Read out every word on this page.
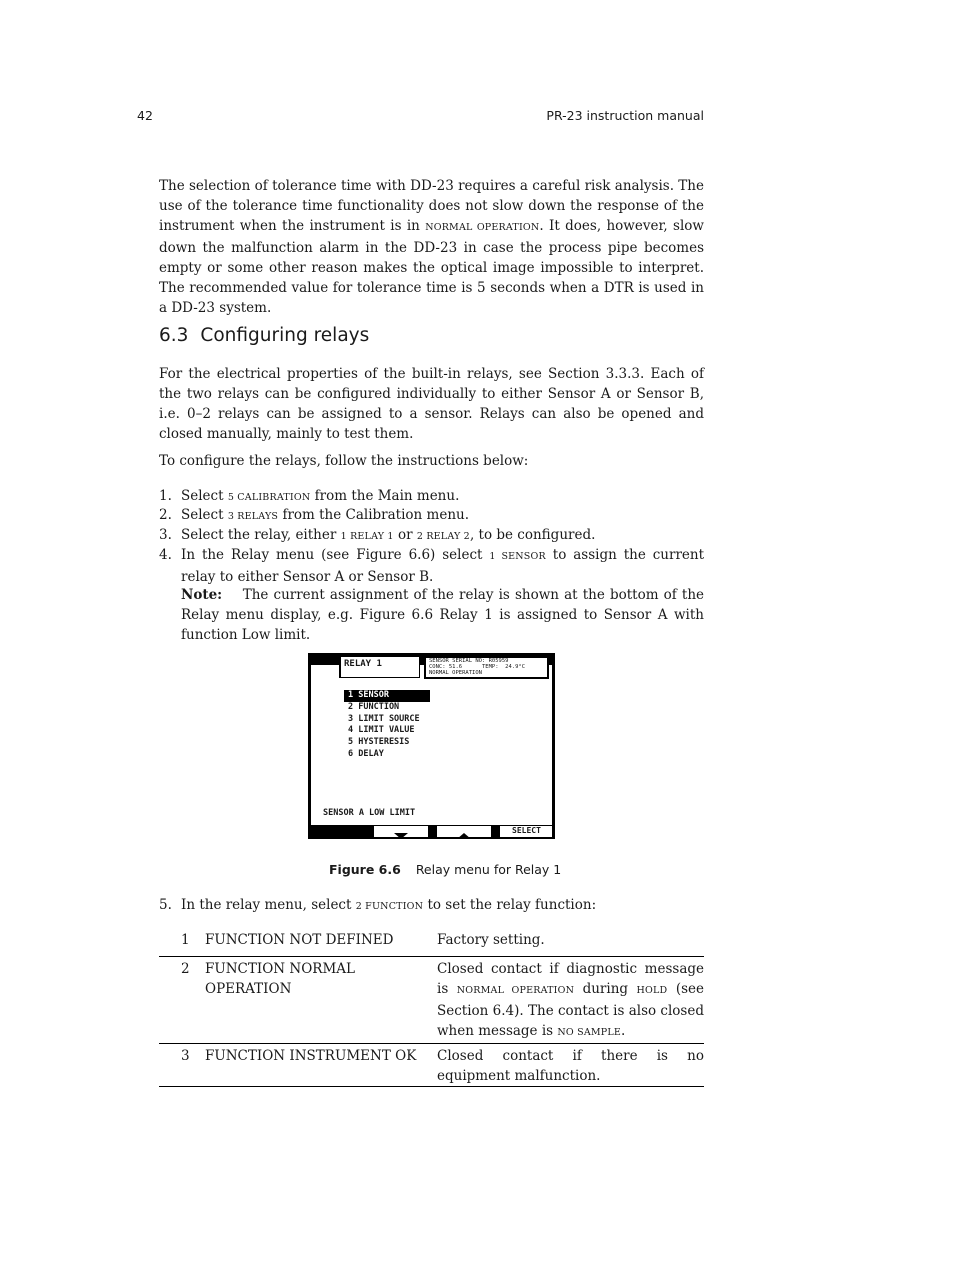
42	PR-23 instruction manual
The selection of tolerance time with DD-23 requires a careful risk analysis. The use of the tolerance time functionality does not slow down the response of the instrument when the instrument is in NORMAL OPERATION. It does, however, slow down the malfunction alarm in the DD-23 in case the process pipe becomes empty or some other reason makes the optical image impossible to interpret. The recommended value for tolerance time is 5 seconds when a DTR is used in a DD-23 system.
6.3 Configuring relays
For the electrical properties of the built-in relays, see Section 3.3.3. Each of the two relays can be configured individually to either Sensor A or Sensor B, i.e. 0–2 relays can be assigned to a sensor. Relays can also be opened and closed manually, mainly to test them.
To configure the relays, follow the instructions below:
1. Select 5 CALIBRATION from the Main menu.
2. Select 3 RELAYS from the Calibration menu.
3. Select the relay, either 1 RELAY 1 or 2 RELAY 2, to be configured.
4. In the Relay menu (see Figure 6.6) select 1 SENSOR to assign the current relay to either Sensor A or Sensor B.
Note: The current assignment of the relay is shown at the bottom of the Relay menu display, e.g. Figure 6.6 Relay 1 is assigned to Sensor A with function Low limit.
RELAY 1	SENSOR SERIAL NO: R05959
CONC: 51.6      TEMP:  24.9°C
NORMAL OPERATION
1 SENSOR
2 FUNCTION
3 LIMIT SOURCE
4 LIMIT VALUE
5 HYSTERESIS
6 DELAY
SENSOR A LOW LIMIT
SELECT
Figure 6.6 Relay menu for Relay 1
5. In the relay menu, select 2 FUNCTION to set the relay function:
1	FUNCTION NOT DEFINED	Factory setting.
2	FUNCTION NORMAL OPERATION	Closed contact if diagnostic message is NORMAL OPERATION during HOLD (see Section 6.4). The contact is also closed when message is NO SAMPLE.
3	FUNCTION INSTRUMENT OK	Closed contact if there is no equipment malfunction.
